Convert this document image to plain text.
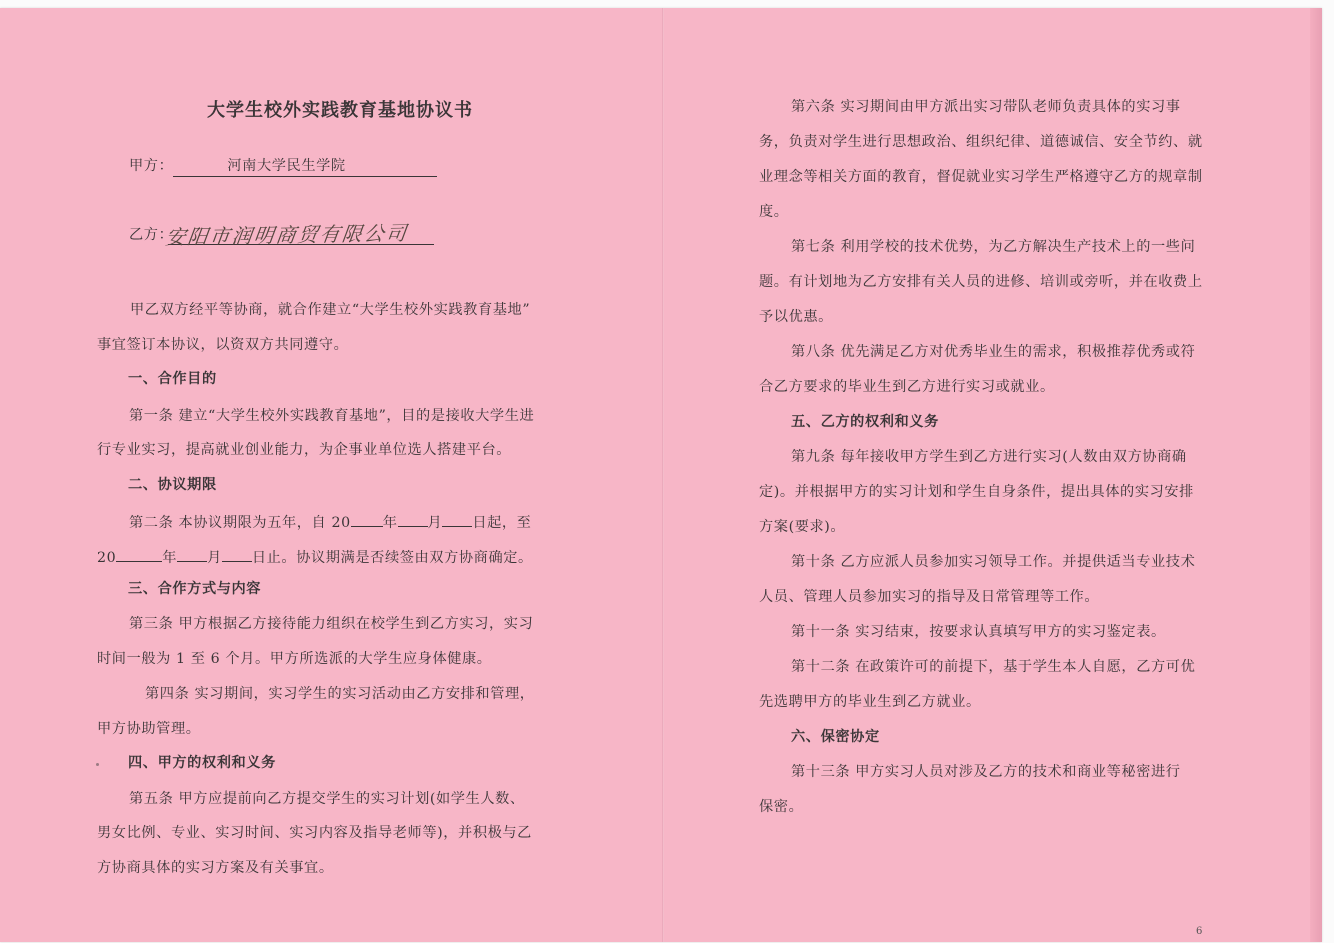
大学生校外实践教育基地协议书
甲方：	河南大学民生学院
乙方：
安阳市润明商贸有限公司
甲乙双方经平等协商，就合作建立“大学生校外实践教育基地”
事宜签订本协议，以资双方共同遵守。
一、合作目的
第一条 建立“大学生校外实践教育基地”，目的是接收大学生进
行专业实习，提高就业创业能力，为企事业单位选人搭建平台。
二、协议期限
第二条 本协议期限为五年，自 20 年 月 日起，至
20	年 月 日止。协议期满是否续签由双方协商确定。
三、合作方式与内容
第三条 甲方根据乙方接待能力组织在校学生到乙方实习，实习
时间一般为 1 至 6 个月。甲方所选派的大学生应身体健康。
第四条 实习期间，实习学生的实习活动由乙方安排和管理，
甲方协助管理。
四、甲方的权利和义务
第五条 甲方应提前向乙方提交学生的实习计划(如学生人数、
男女比例、专业、实习时间、实习内容及指导老师等)，并积极与乙
方协商具体的实习方案及有关事宜。
第六条 实习期间由甲方派出实习带队老师负责具体的实习事
务，负责对学生进行思想政治、组织纪律、道德诚信、安全节约、就
业理念等相关方面的教育，督促就业实习学生严格遵守乙方的规章制
度。
第七条 利用学校的技术优势，为乙方解决生产技术上的一些问
题。有计划地为乙方安排有关人员的进修、培训或旁听，并在收费上
予以优惠。
第八条 优先满足乙方对优秀毕业生的需求，积极推荐优秀或符
合乙方要求的毕业生到乙方进行实习或就业。
五、乙方的权利和义务
第九条 每年接收甲方学生到乙方进行实习(人数由双方协商确
定)。并根据甲方的实习计划和学生自身条件，提出具体的实习安排
方案(要求)。
第十条 乙方应派人员参加实习领导工作。并提供适当专业技术
人员、管理人员参加实习的指导及日常管理等工作。
第十一条 实习结束，按要求认真填写甲方的实习鉴定表。
第十二条 在政策许可的前提下，基于学生本人自愿，乙方可优
先选聘甲方的毕业生到乙方就业。
六、保密协定
第十三条 甲方实习人员对涉及乙方的技术和商业等秘密进行
保密。
6
